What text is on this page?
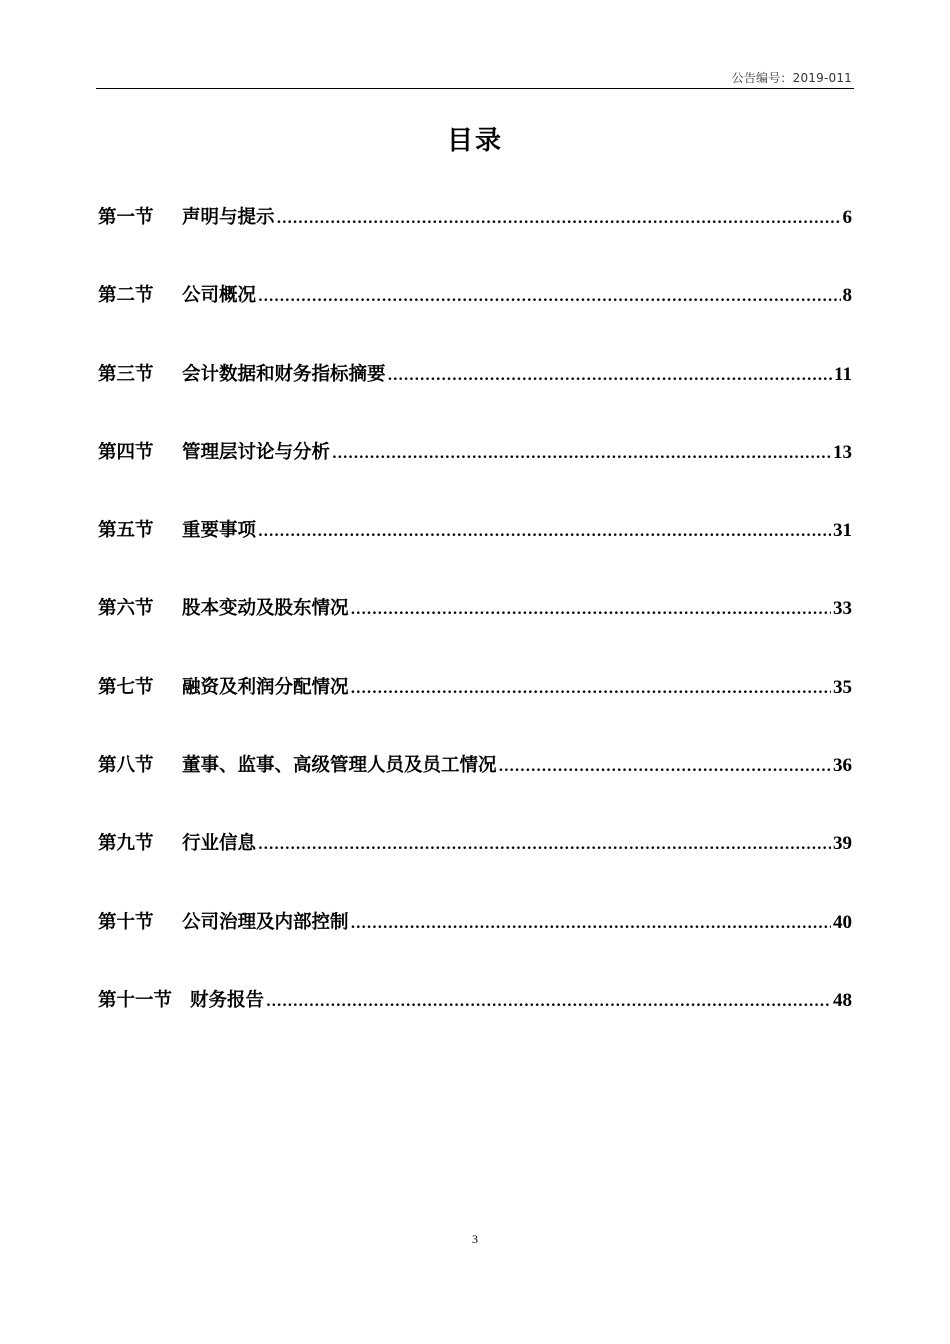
公告编号：2019-011
目录
第一节 声明与提示 .....	6
第二节 公司概况 .....	8
第三节 会计数据和财务指标摘要 .....	11
第四节 管理层讨论与分析 .....	13
第五节 重要事项 .....	31
第六节 股本变动及股东情况 .....	33
第七节 融资及利润分配情况 .....	35
第八节 董事、监事、高级管理人员及员工情况 .....	36
第九节 行业信息 .....	39
第十节 公司治理及内部控制 .....	40
第十一节 财务报告 .....	48
3
